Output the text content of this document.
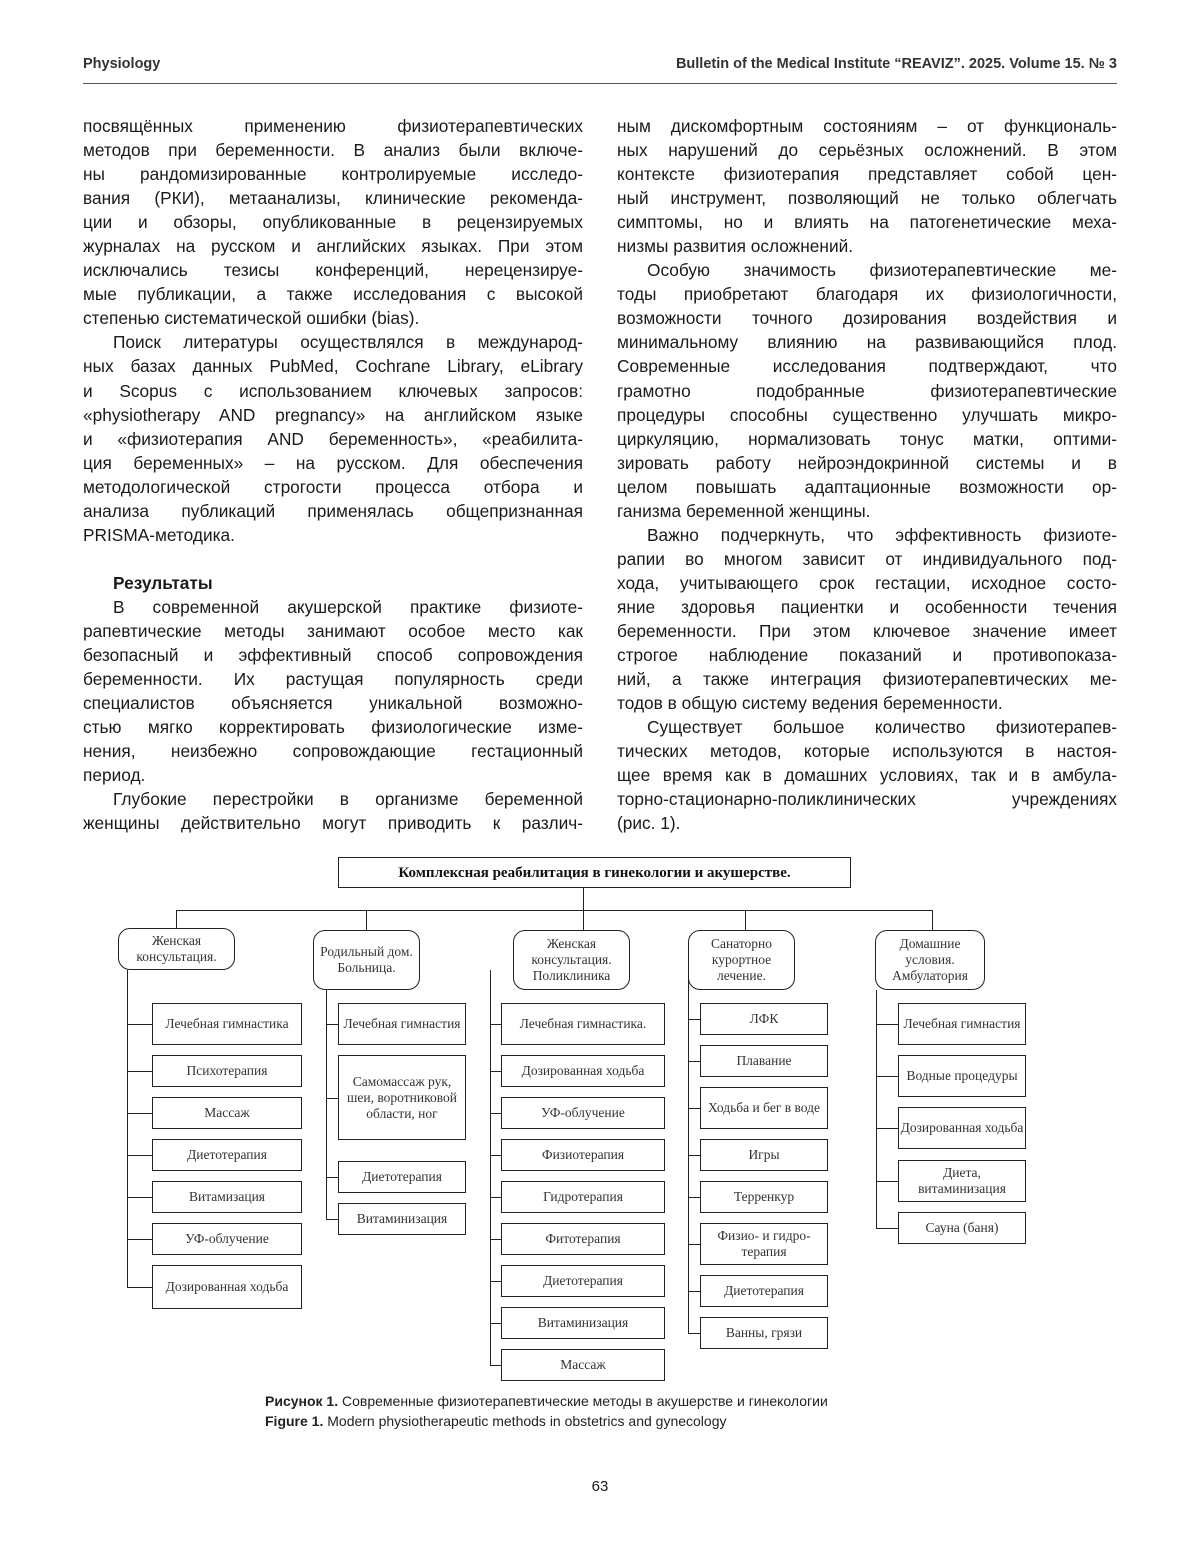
Physiology	Bulletin of the Medical Institute “REAVIZ”. 2025. Volume 15. № 3
посвящённых применению физиотерапевтических
методов при беременности. В анализ были включе-
ны рандомизированные контролируемые исследо-
вания (РКИ), метаанализы, клинические рекоменда-
ции и обзоры, опубликованные в рецензируемых
журналах на русском и английских языках. При этом
исключались тезисы конференций, нерецензируе-
мые публикации, а также исследования с высокой
степенью систематической ошибки (bias).
Поиск литературы осуществлялся в международ-
ных базах данных PubMed, Cochrane Library, eLibrary
и Scopus с использованием ключевых запросов:
«physiotherapy AND pregnancy» на английском языке
и «физиотерапия AND беременность», «реабилита-
ция беременных» – на русском. Для обеспечения
методологической строгости процесса отбора и
анализа публикаций применялась общепризнанная
PRISMA-методика.
Результаты
В современной акушерской практике физиоте-
рапевтические методы занимают особое место как
безопасный и эффективный способ сопровождения
беременности. Их растущая популярность среди
специалистов объясняется уникальной возможно-
стью мягко корректировать физиологические изме-
нения, неизбежно сопровождающие гестационный
период.
Глубокие перестройки в организме беременной
женщины действительно могут приводить к различ-
ным дискомфортным состояниям – от функциональ-
ных нарушений до серьёзных осложнений. В этом
контексте физиотерапия представляет собой цен-
ный инструмент, позволяющий не только облегчать
симптомы, но и влиять на патогенетические меха-
низмы развития осложнений.
Особую значимость физиотерапевтические ме-
тоды приобретают благодаря их физиологичности,
возможности точного дозирования воздействия и
минимальному влиянию на развивающийся плод.
Современные исследования подтверждают, что
грамотно подобранные физиотерапевтические
процедуры способны существенно улучшать микро-
циркуляцию, нормализовать тонус матки, оптими-
зировать работу нейроэндокринной системы и в
целом повышать адаптационные возможности ор-
ганизма беременной женщины.
Важно подчеркнуть, что эффективность физиоте-
рапии во многом зависит от индивидуального под-
хода, учитывающего срок гестации, исходное состо-
яние здоровья пациентки и особенности течения
беременности. При этом ключевое значение имеет
строгое наблюдение показаний и противопоказа-
ний, а также интеграция физиотерапевтических ме-
тодов в общую систему ведения беременности.
Существует большое количество физиотерапев-
тических методов, которые используются в настоя-
щее время как в домашних условиях, так и в амбула-
торно-стационарно-поликлинических учреждениях
(рис. 1).
Комплексная реабилитация в гинекологии и акушерстве.
Женская консультация.
Лечебная гимнастика
Психотерапия
Массаж
Диетотерапия
Витамизация
УФ-облучение
Дозированная ходьба
Родильный дом. Больница.
Лечебная гимнастия
Самомассаж рук, шеи, воротниковой области, ног
Диетотерапия
Витаминизация
Женская консультация. Поликлиника
Лечебная гимнастика.
Дозированная ходьба
УФ-облучение
Физиотерапия
Гидротерапия
Фитотерапия
Диетотерапия
Витаминизация
Массаж
Санаторно курортное лечение.
ЛФК
Плавание
Ходьба и бег в воде
Игры
Терренкур
Физио- и гидро-терапия
Диетотерапия
Ванны, грязи
Домашние условия. Амбулатория
Лечебная гимнастия
Водные процедуры
Дозированная ходьба
Диета, витаминизация
Сауна (баня)
Рисунок 1. Современные физиотерапевтические методы в акушерстве и гинекологии
Figure 1. Modern physiotherapeutic methods in obstetrics and gynecology
63
